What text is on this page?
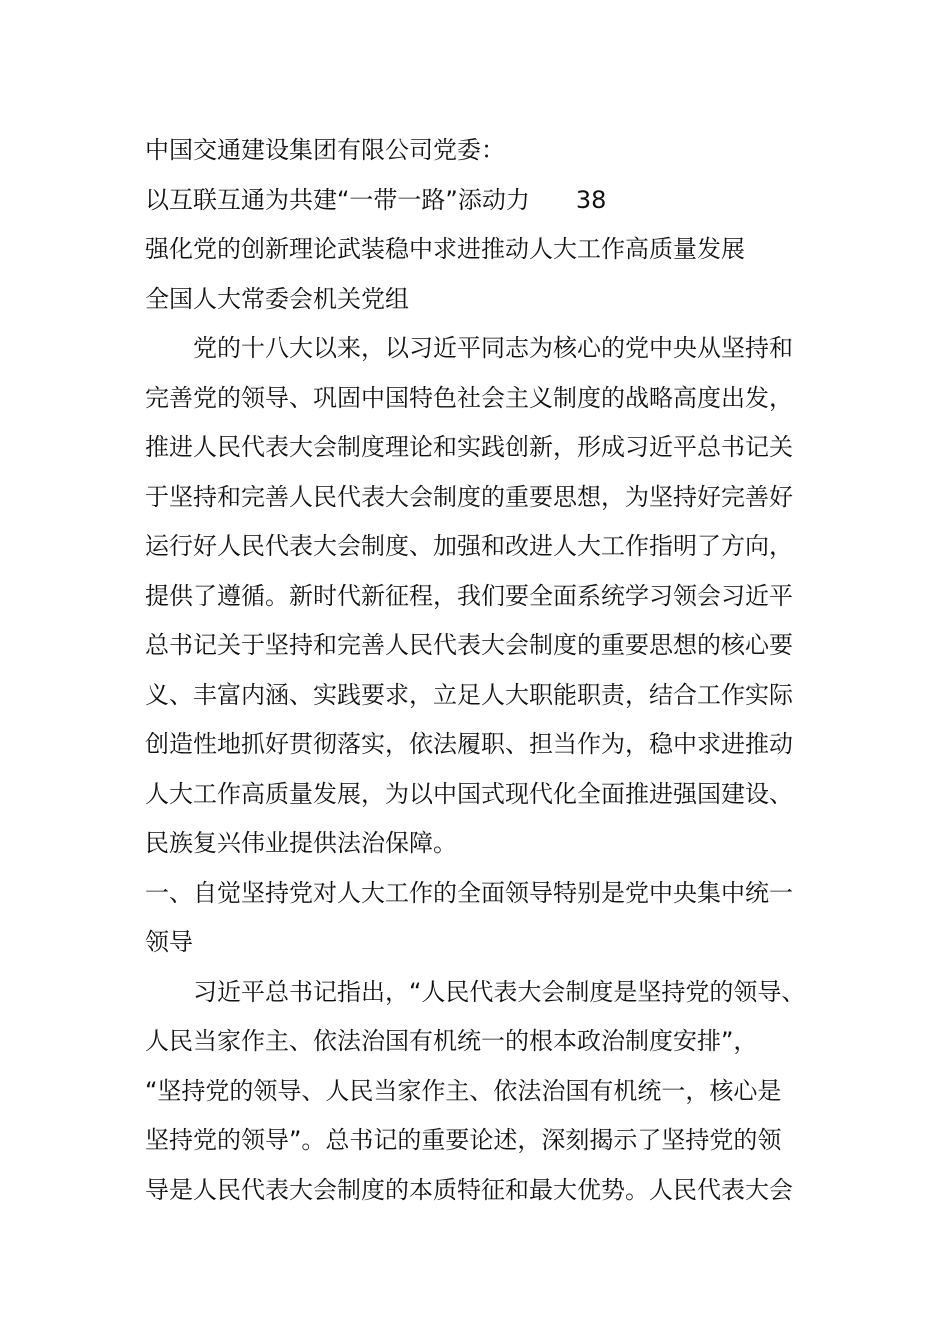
中国交通建设集团有限公司党委：
以互联互通为共建“一带一路”添动力 38
强化党的创新理论武装稳中求进推动人大工作高质量发展
全国人大常委会机关党组
党的十八大以来，以习近平同志为核心的党中央从坚持和
完善党的领导、巩固中国特色社会主义制度的战略高度出发，
推进人民代表大会制度理论和实践创新，形成习近平总书记关
于坚持和完善人民代表大会制度的重要思想，为坚持好完善好
运行好人民代表大会制度、加强和改进人大工作指明了方向，
提供了遵循。新时代新征程，我们要全面系统学习领会习近平
总书记关于坚持和完善人民代表大会制度的重要思想的核心要
义、丰富内涵、实践要求，立足人大职能职责，结合工作实际
创造性地抓好贯彻落实，依法履职、担当作为，稳中求进推动
人大工作高质量发展，为以中国式现代化全面推进强国建设、
民族复兴伟业提供法治保障。
一、自觉坚持党对人大工作的全面领导特别是党中央集中统一
领导
习近平总书记指出，“人民代表大会制度是坚持党的领导、
人民当家作主、依法治国有机统一的根本政治制度安排”，
“坚持党的领导、人民当家作主、依法治国有机统一，核心是
坚持党的领导”。总书记的重要论述，深刻揭示了坚持党的领
导是人民代表大会制度的本质特征和最大优势。人民代表大会
